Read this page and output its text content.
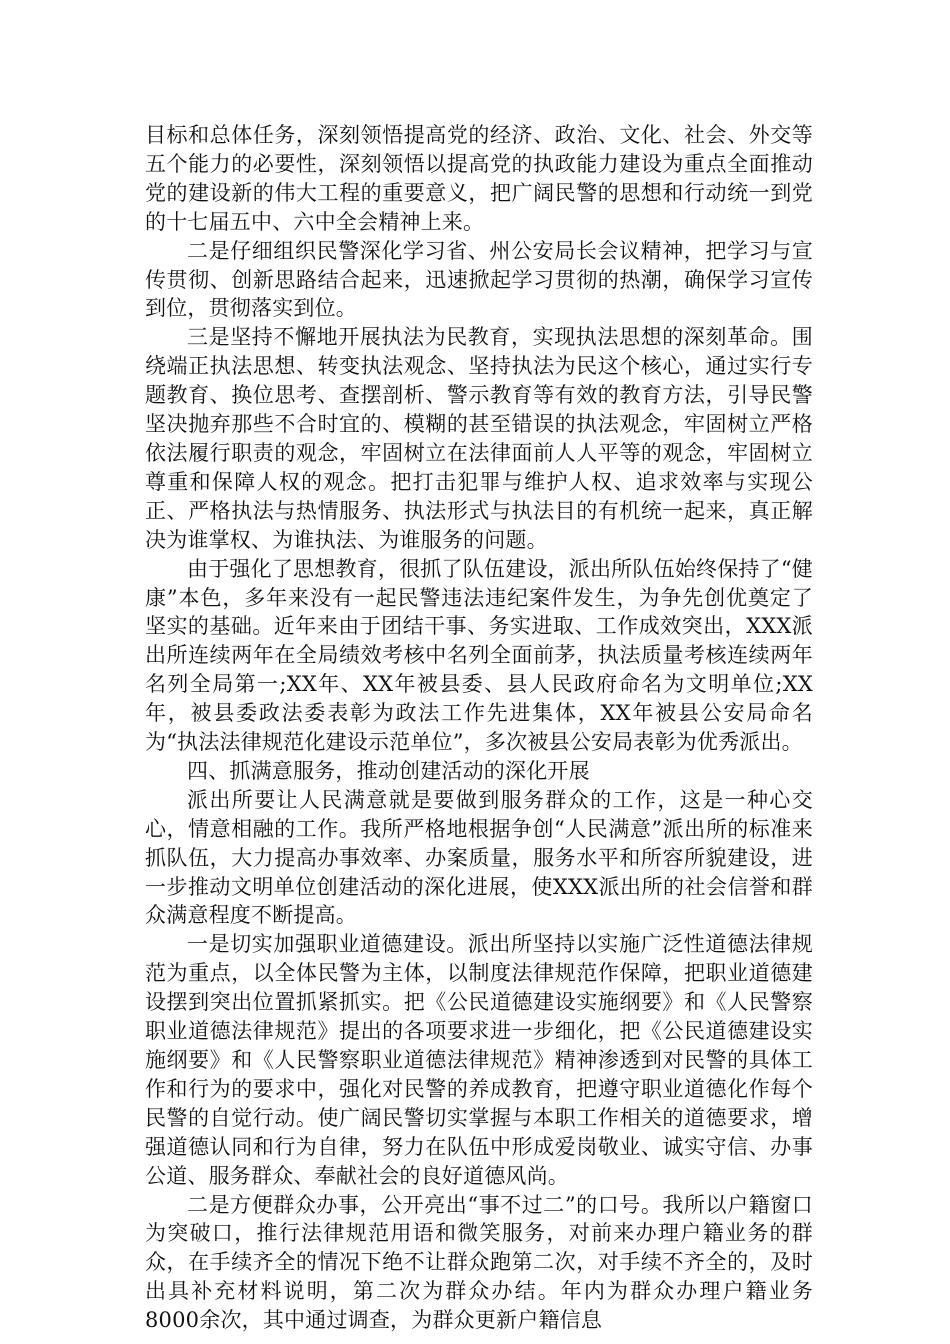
目标和总体任务，深刻领悟提高党的经济、政治、文化、社会、外交等五个能力的必要性，深刻领悟以提高党的执政能力建设为重点全面推动党的建设新的伟大工程的重要意义，把广阔民警的思想和行动统一到党的十七届五中、六中全会精神上来。

二是仔细组织民警深化学习省、州公安局长会议精神，把学习与宣传贯彻、创新思路结合起来，迅速掀起学习贯彻的热潮，确保学习宣传到位，贯彻落实到位。

三是坚持不懈地开展执法为民教育，实现执法思想的深刻革命。围绕端正执法思想、转变执法观念、坚持执法为民这个核心，通过实行专题教育、换位思考、查摆剖析、警示教育等有效的教育方法，引导民警坚决抛弃那些不合时宜的、模糊的甚至错误的执法观念，牢固树立严格依法履行职责的观念，牢固树立在法律面前人人平等的观念，牢固树立尊重和保障人权的观念。把打击犯罪与维护人权、追求效率与实现公正、严格执法与热情服务、执法形式与执法目的有机统一起来，真正解决为谁掌权、为谁执法、为谁服务的问题。

由于强化了思想教育，很抓了队伍建设，派出所队伍始终保持了“健康”本色，多年来没有一起民警违法违纪案件发生，为争先创优奠定了坚实的基础。近年来由于团结干事、务实进取、工作成效突出，XXX派出所连续两年在全局绩效考核中名列全面前茅，执法质量考核连续两年名列全局第一;XX年、XX年被县委、县人民政府命名为文明单位;XX年，被县委政法委表彰为政法工作先进集体，XX年被县公安局命名为“执法法律规范化建设示范单位”，多次被县公安局表彰为优秀派出。

四、抓满意服务，推动创建活动的深化开展

派出所要让人民满意就是要做到服务群众的工作，这是一种心交心，情意相融的工作。我所严格地根据争创“人民满意”派出所的标准来抓队伍，大力提高办事效率、办案质量，服务水平和所容所貌建设，进一步推动文明单位创建活动的深化进展，使XXX派出所的社会信誉和群众满意程度不断提高。

一是切实加强职业道德建设。派出所坚持以实施广泛性道德法律规范为重点，以全体民警为主体，以制度法律规范作保障，把职业道德建设摆到突出位置抓紧抓实。把《公民道德建设实施纲要》和《人民警察职业道德法律规范》提出的各项要求进一步细化，把《公民道德建设实施纲要》和《人民警察职业道德法律规范》精神渗透到对民警的具体工作和行为的要求中，强化对民警的养成教育，把遵守职业道德化作每个民警的自觉行动。使广阔民警切实掌握与本职工作相关的道德要求，增强道德认同和行为自律，努力在队伍中形成爱岗敬业、诚实守信、办事公道、服务群众、奉献社会的良好道德风尚。

二是方便群众办事，公开亮出“事不过二”的口号。我所以户籍窗口为突破口，推行法律规范用语和微笑服务，对前来办理户籍业务的群众，在手续齐全的情况下绝不让群众跑第二次，对手续不齐全的，及时出具补充材料说明，第二次为群众办结。年内为群众办理户籍业务8000余次，其中通过调查，为群众更新户籍信息
